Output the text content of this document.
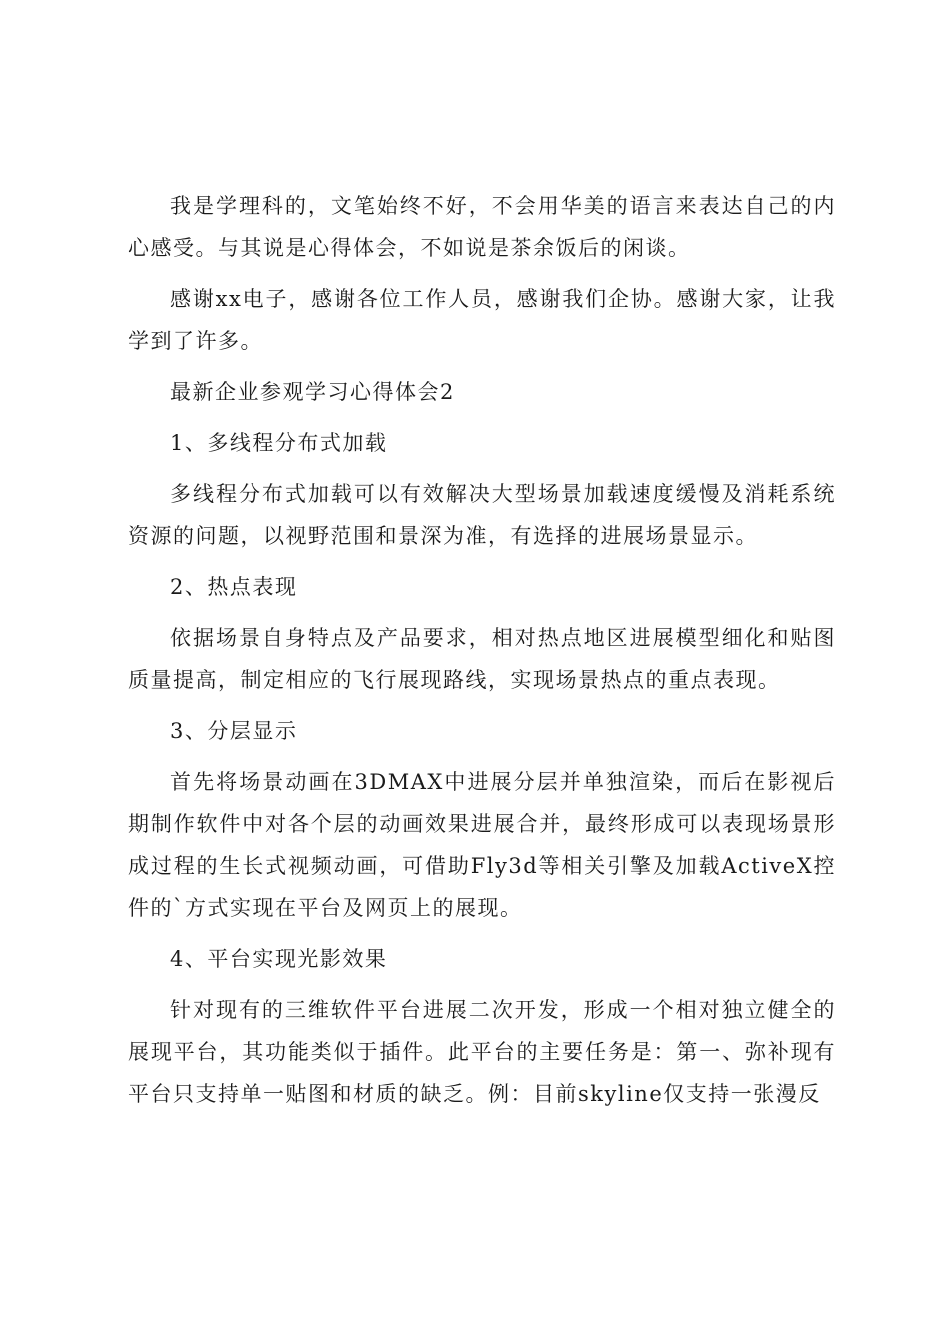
我是学理科的，文笔始终不好，不会用华美的语言来表达自己的内心感受。与其说是心得体会，不如说是茶余饭后的闲谈。

感谢xx电子，感谢各位工作人员，感谢我们企协。感谢大家，让我学到了许多。

最新企业参观学习心得体会2

1、多线程分布式加载

多线程分布式加载可以有效解决大型场景加载速度缓慢及消耗系统资源的问题，以视野范围和景深为准，有选择的进展场景显示。

2、热点表现

依据场景自身特点及产品要求，相对热点地区进展模型细化和贴图质量提高，制定相应的飞行展现路线，实现场景热点的重点表现。

3、分层显示

首先将场景动画在3DMAX中进展分层并单独渲染，而后在影视后期制作软件中对各个层的动画效果进展合并，最终形成可以表现场景形成过程的生长式视频动画，可借助Fly3d等相关引擎及加载ActiveX控件的`方式实现在平台及网页上的展现。

4、平台实现光影效果

针对现有的三维软件平台进展二次开发，形成一个相对独立健全的展现平台，其功能类似于插件。此平台的主要任务是：第一、弥补现有平台只支持单一贴图和材质的缺乏。例：目前skyline仅支持一张漫反
